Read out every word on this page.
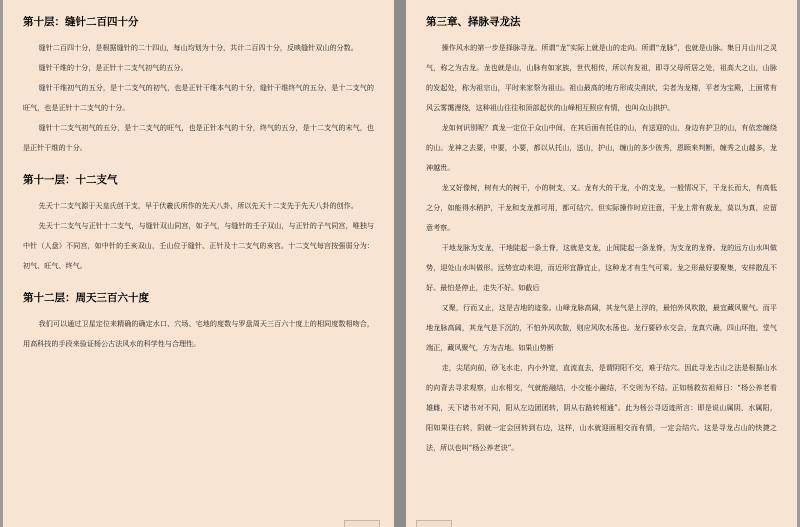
第十层：缝针二百四十分

缝针二百四十分，是根据缝针的二十四山，每山均划为十分，共计二百四十分，反映缝针双山的分数。

缝针干维的十分，是正针十二支气初气的五分。

缝针干维初气的五分，是十二支气的初气，也是正针干维本气的十分，缝针干维终气的五分，是十二支气的旺气，也是正针十二支气的十分。

缝针十二支气初气的五分，是十二支气的旺气，也是正针本气的十分，终气的五分，是十二支气的末气，也是正针干维的十分。

第十一层：十二支气

先天十二支气源于天皇氏创干支，早于伏羲氏所作的先天八卦，所以先天十二支先于先天八卦的创作。

先天十二支气与正针十二支气，与缝针双山同宫，如子气，与缝针的壬子双山，与正针的子气同宫，唯独与中针（人盘）不同宫，如中针的壬亥双山，壬山位于缝针、正针及十二支气的亥宫。十二支气每宫按强弱分为：初气、旺气、终气。

第十二层：周天三百六十度

我们可以通过卫星定位来精确的确定水口、穴场、宅地的度数与罗盘周天三百六十度上的相同度数相吻合，用高科技的手段来验证杨公古法风水的科学性与合理性。

第三章、择脉寻龙法

操作风水的第一步是择脉寻龙。所谓“龙”实际上就是山的走向。所谓“龙脉”，也就是山脉。集日月山川之灵气，称之为吉龙。龙也就是山，山脉有如家族，世代相传，所以有发祖，即寻父母所居之处，祖高大之山，山脉的发起处，称为祖宗山，平时来家祭为祖山。祖山最高的地方形成尖削状，尖者为龙楼，平者为宝殿，上面常有风云雾霭漫绕，这种祖山往往和顶部起伏的山峰相互照应有情，也叫众山拱护。

龙如何识别呢？真龙一定位于众山中间，在其后面有托住的山，有送迎的山，身边有护卫的山，有依恋缠绕的山。龙神之去要，中要，小要，都以从托山，送山，护山，缠山的多少彼秀，恩顾来判断，缠秀之山越多，龙神越贵。

龙又好像树，树有大的树干，小的树支，又。龙有大的干龙，小的支龙，一般情况下，干龙长而大，有高低之分，如能得水稍护，干龙和支龙都可用，都可结穴。但实际操作时应注意，干龙上常有裁龙，莫以为真，应留意考察。

干地龙脉为支龙，干地陡起一条土脊，这就是支龙，止间陡起一条龙脊，为支龙的龙脊。龙的远方山水叫做势，迎处山水叫做形。远势宜动来迎，而近形宜静宜止，这种龙才有生气可乘。龙之形最好要聚集，安样散乱不好。最怕是停止，走失不好。如截后

又聚，行而又止，这是吉地的迹象。山峰龙脉高阔，其龙气是上浮的，最怕外风吹散，最宜藏风聚气。而平地龙脉高阔，其龙气是下沉的，不怕外风吹散，则应风吹水荡也。龙行要砂水交会，龙真穴确，四山环抱，堂气端正，藏风聚气，方为吉地。如果山势断

走，尖尾向前，砂飞水走，内小外宽，直流直去，是谓阴阳不交，难于结穴。因此寻龙古山之法是根据山水的向背去寻求观察，山水相交，气就能融结，小交能小融结，不交则为不结。正如杨救贫祖师日：“杨公养老看雄雌，天下诸书对不同，阳从左边团团转，阴从右路转相通”。此为杨公寻迈迹所言：即是说山属阴，水属阳，阳如果往右转，阴就一定会回转到右边，这样，山水就迎面相交而有情，一定会结穴。这是寻龙占山的快捷之法，所以也叫“杨公养老诀”。
